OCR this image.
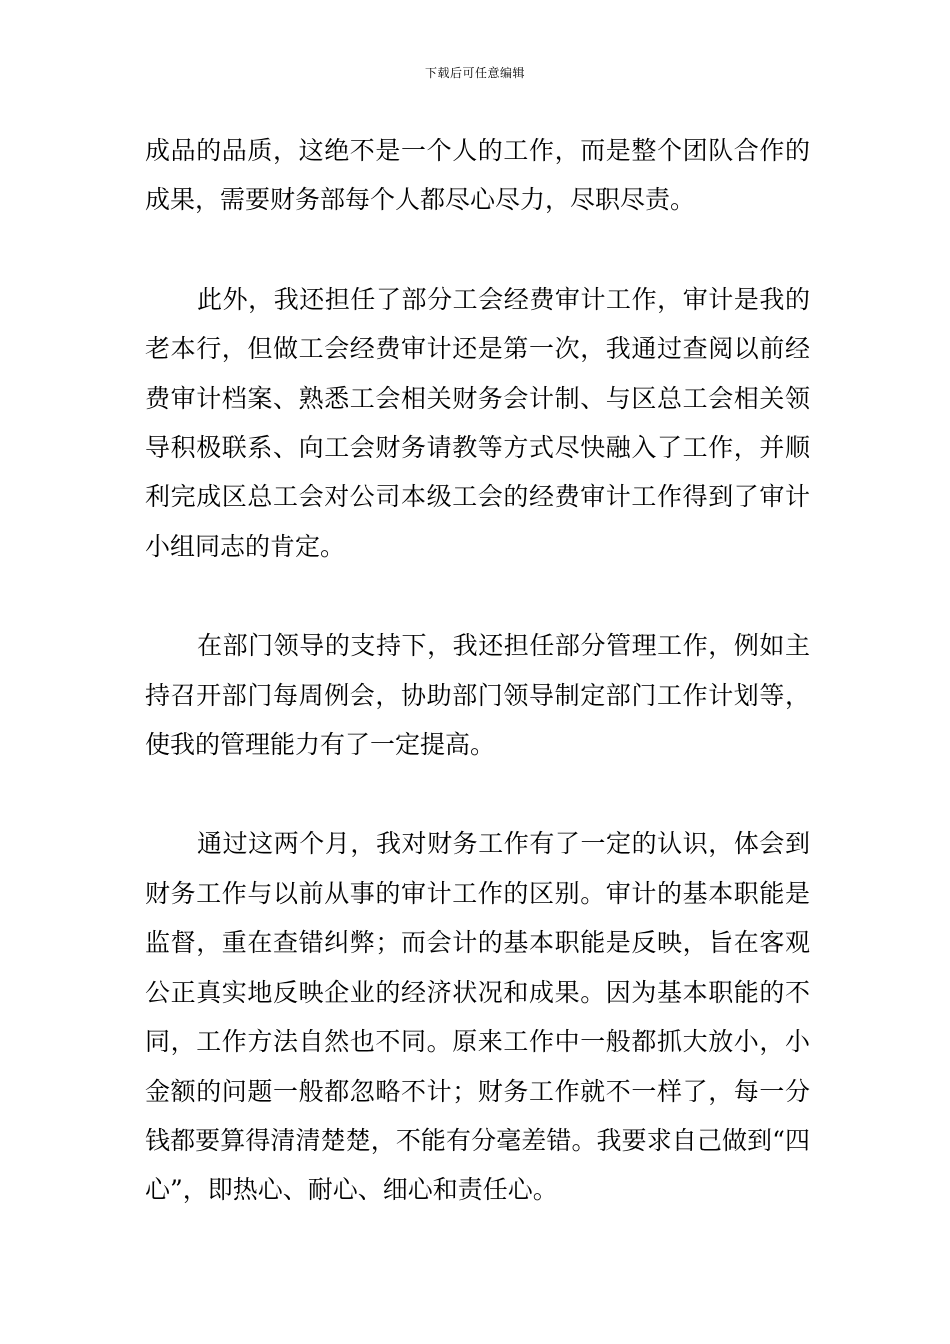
下载后可任意编辑

成品的品质，这绝不是一个人的工作，而是整个团队合作的成果，需要财务部每个人都尽心尽力，尽职尽责。

此外，我还担任了部分工会经费审计工作，审计是我的老本行，但做工会经费审计还是第一次，我通过查阅以前经费审计档案、熟悉工会相关财务会计制、与区总工会相关领导积极联系、向工会财务请教等方式尽快融入了工作，并顺利完成区总工会对公司本级工会的经费审计工作得到了审计小组同志的肯定。

在部门领导的支持下，我还担任部分管理工作，例如主持召开部门每周例会，协助部门领导制定部门工作计划等，使我的管理能力有了一定提高。

通过这两个月，我对财务工作有了一定的认识，体会到财务工作与以前从事的审计工作的区别。审计的基本职能是监督，重在查错纠弊；而会计的基本职能是反映，旨在客观公正真实地反映企业的经济状况和成果。因为基本职能的不同，工作方法自然也不同。原来工作中一般都抓大放小，小金额的问题一般都忽略不计；财务工作就不一样了，每一分钱都要算得清清楚楚，不能有分毫差错。我要求自己做到“四心”，即热心、耐心、细心和责任心。
